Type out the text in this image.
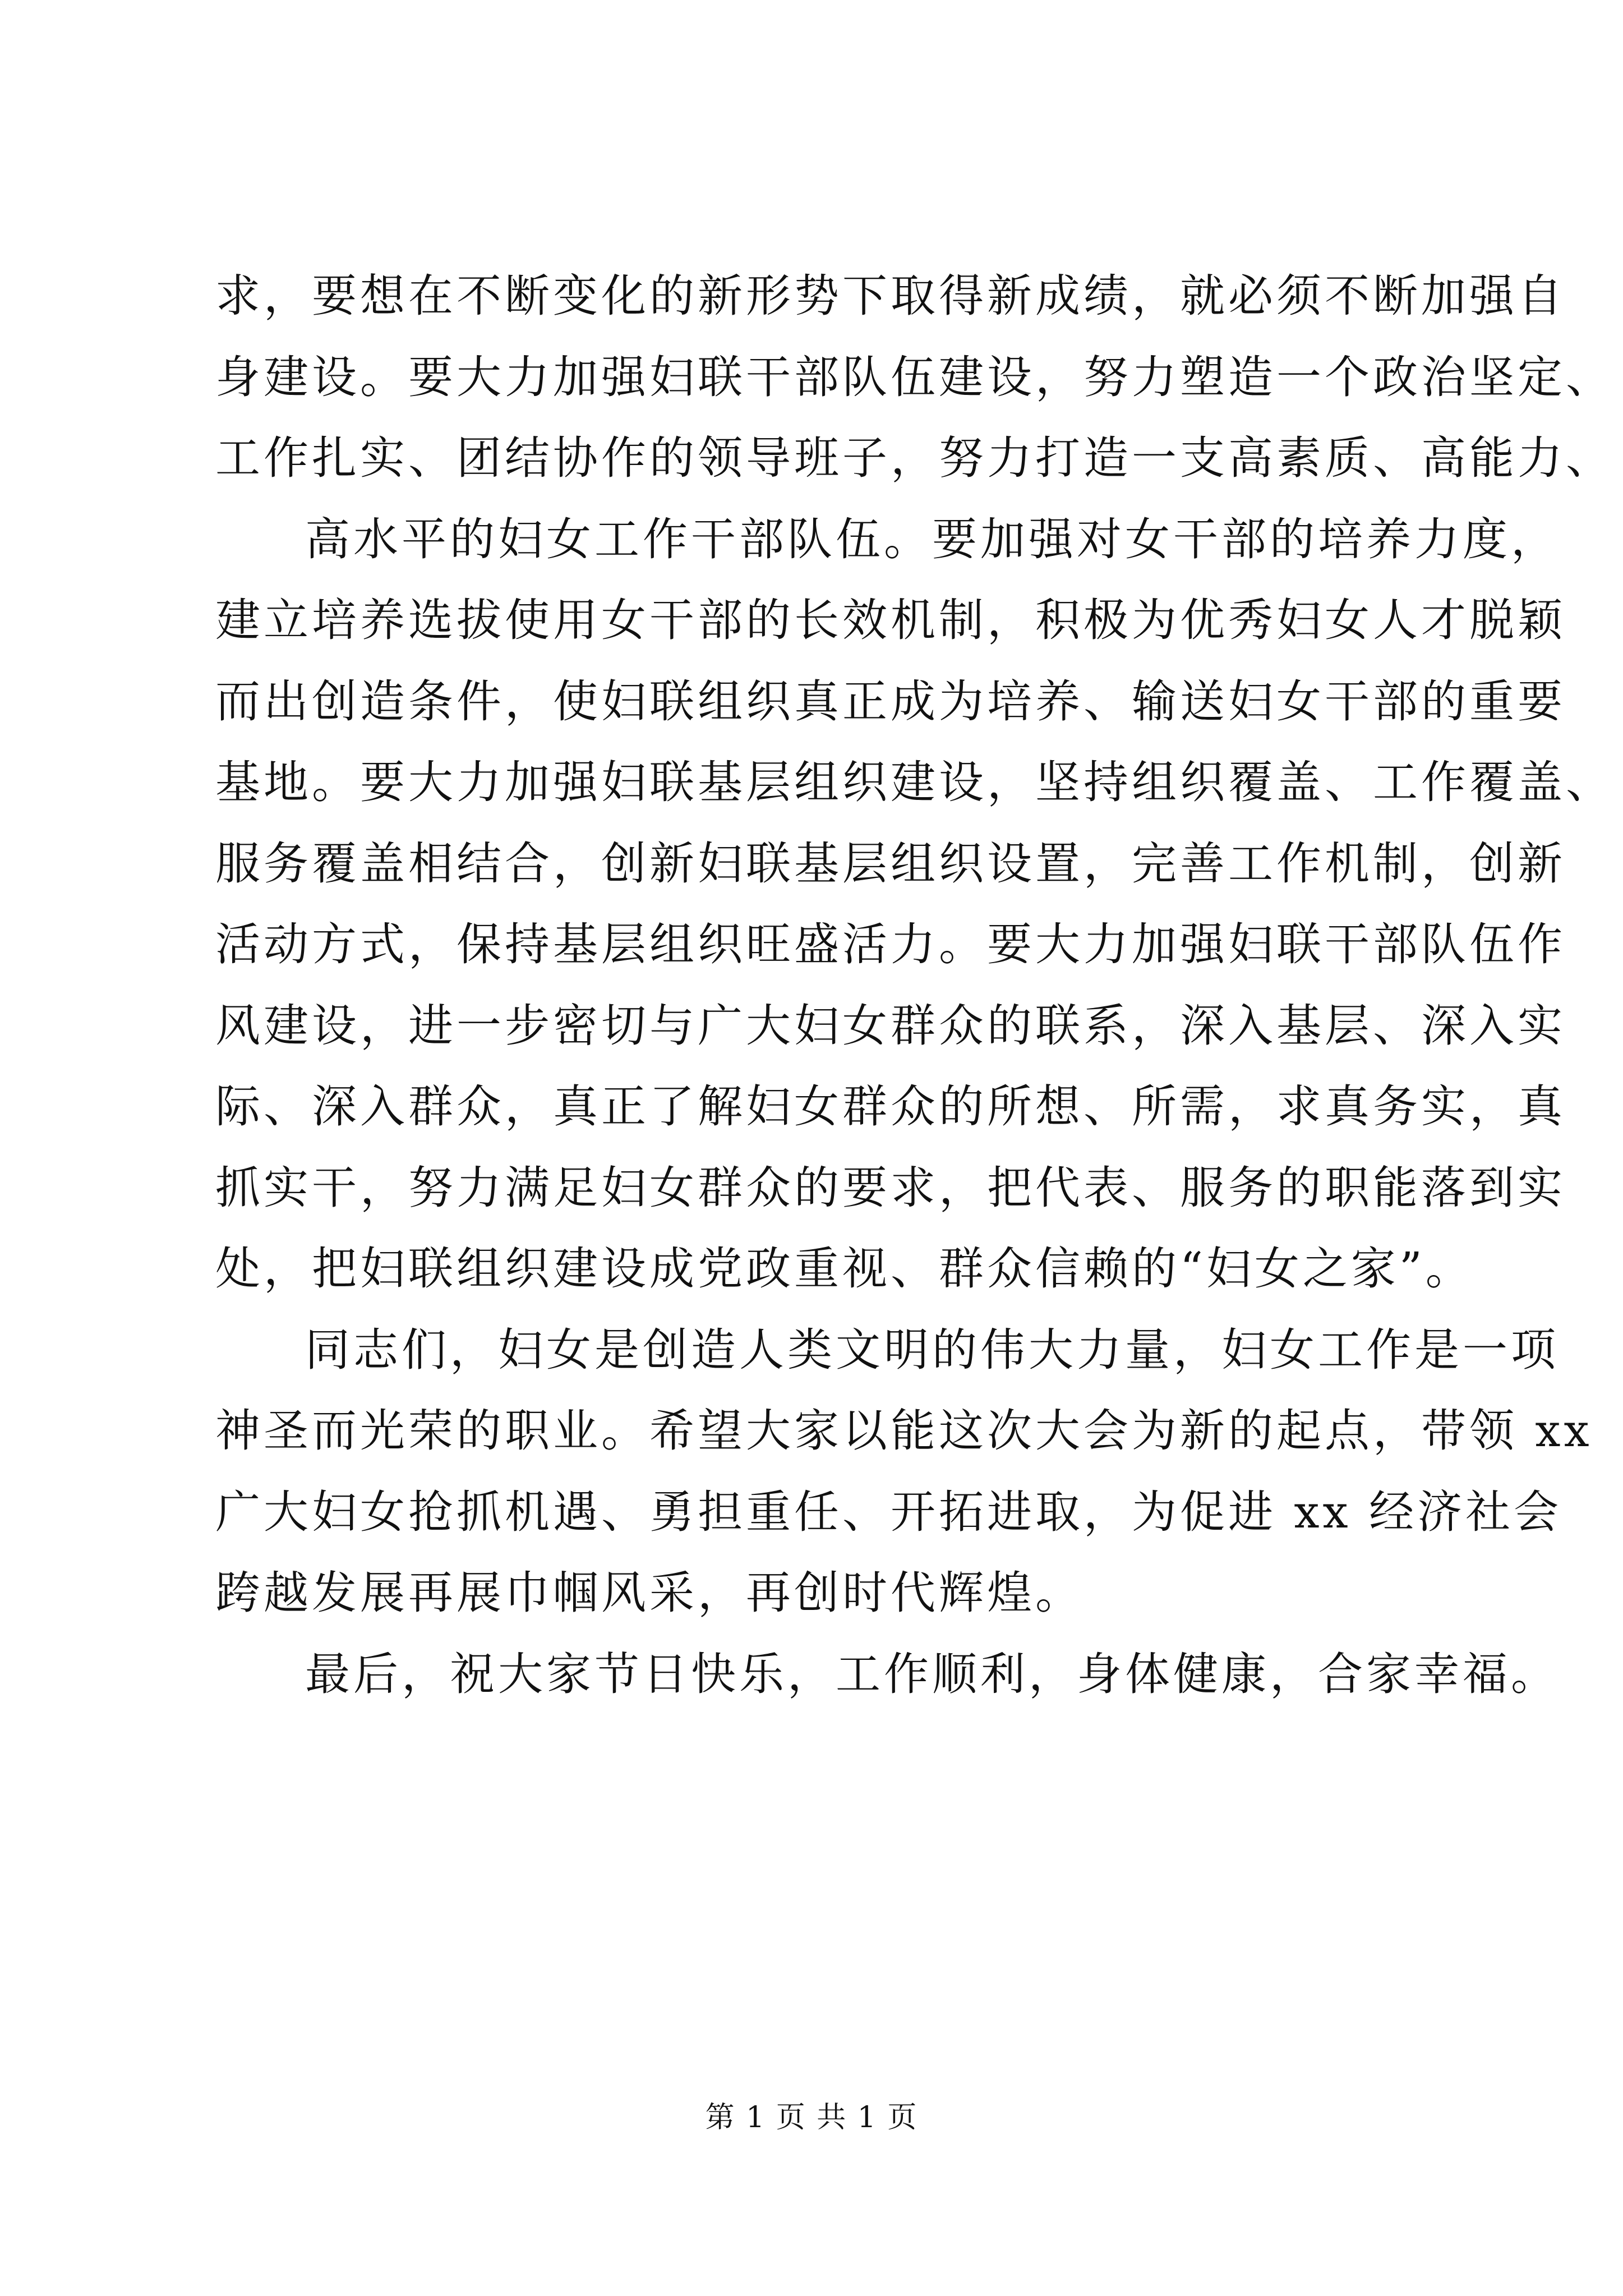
求，要想在不断变化的新形势下取得新成绩，就必须不断加强自
身建设。要大力加强妇联干部队伍建设，努力塑造一个政治坚定、
工作扎实、团结协作的领导班子，努力打造一支高素质、高能力、
高水平的妇女工作干部队伍。要加强对女干部的培养力度，
建立培养选拔使用女干部的长效机制，积极为优秀妇女人才脱颖
而出创造条件，使妇联组织真正成为培养、输送妇女干部的重要
基地。要大力加强妇联基层组织建设，坚持组织覆盖、工作覆盖、
服务覆盖相结合，创新妇联基层组织设置，完善工作机制，创新
活动方式，保持基层组织旺盛活力。要大力加强妇联干部队伍作
风建设，进一步密切与广大妇女群众的联系，深入基层、深入实
际、深入群众，真正了解妇女群众的所想、所需，求真务实，真
抓实干，努力满足妇女群众的要求，把代表、服务的职能落到实
处，把妇联组织建设成党政重视、群众信赖的“妇女之家”。
同志们，妇女是创造人类文明的伟大力量，妇女工作是一项
神圣而光荣的职业。希望大家以能这次大会为新的起点，带领 xx
广大妇女抢抓机遇、勇担重任、开拓进取，为促进 xx 经济社会
跨越发展再展巾帼风采，再创时代辉煌。
最后，祝大家节日快乐，工作顺利，身体健康，合家幸福。
第 1 页 共 1 页
